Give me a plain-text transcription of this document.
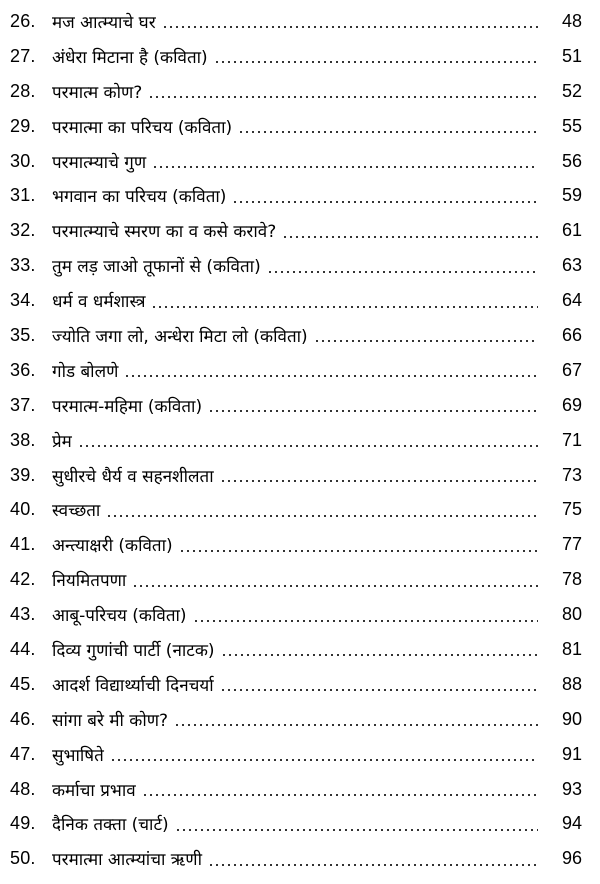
26. मज आत्म्याचे घर	48
27. अंधेरा मिटाना है (कविता)	51
28. परमात्म कोण?	52
29. परमात्मा का परिचय (कविता)	55
30. परमात्म्याचे गुण	56
31. भगवान का परिचय (कविता)	59
32. परमात्म्याचे स्मरण का व कसे करावे?	61
33. तुम लड़ जाओ तूफानों से (कविता)	63
34. धर्म व धर्मशास्त्र	64
35. ज्योति जगा लो, अन्धेरा मिटा लो (कविता)	66
36. गोड बोलणे	67
37. परमात्म-महिमा (कविता)	69
38. प्रेम	71
39. सुधीरचे धैर्य व सहनशीलता	73
40. स्वच्छता	75
41. अन्त्याक्षरी (कविता)	77
42. नियमितपणा	78
43. आबू-परिचय (कविता)	80
44. दिव्य गुणांची पार्टी (नाटक)	81
45. आदर्श विद्यार्थ्याची दिनचर्या	88
46. सांगा बरे मी कोण?	90
47. सुभाषिते	91
48. कर्माचा प्रभाव	93
49. दैनिक तक्ता (चार्ट)	94
50. परमात्मा आत्म्यांचा ऋणी	96
